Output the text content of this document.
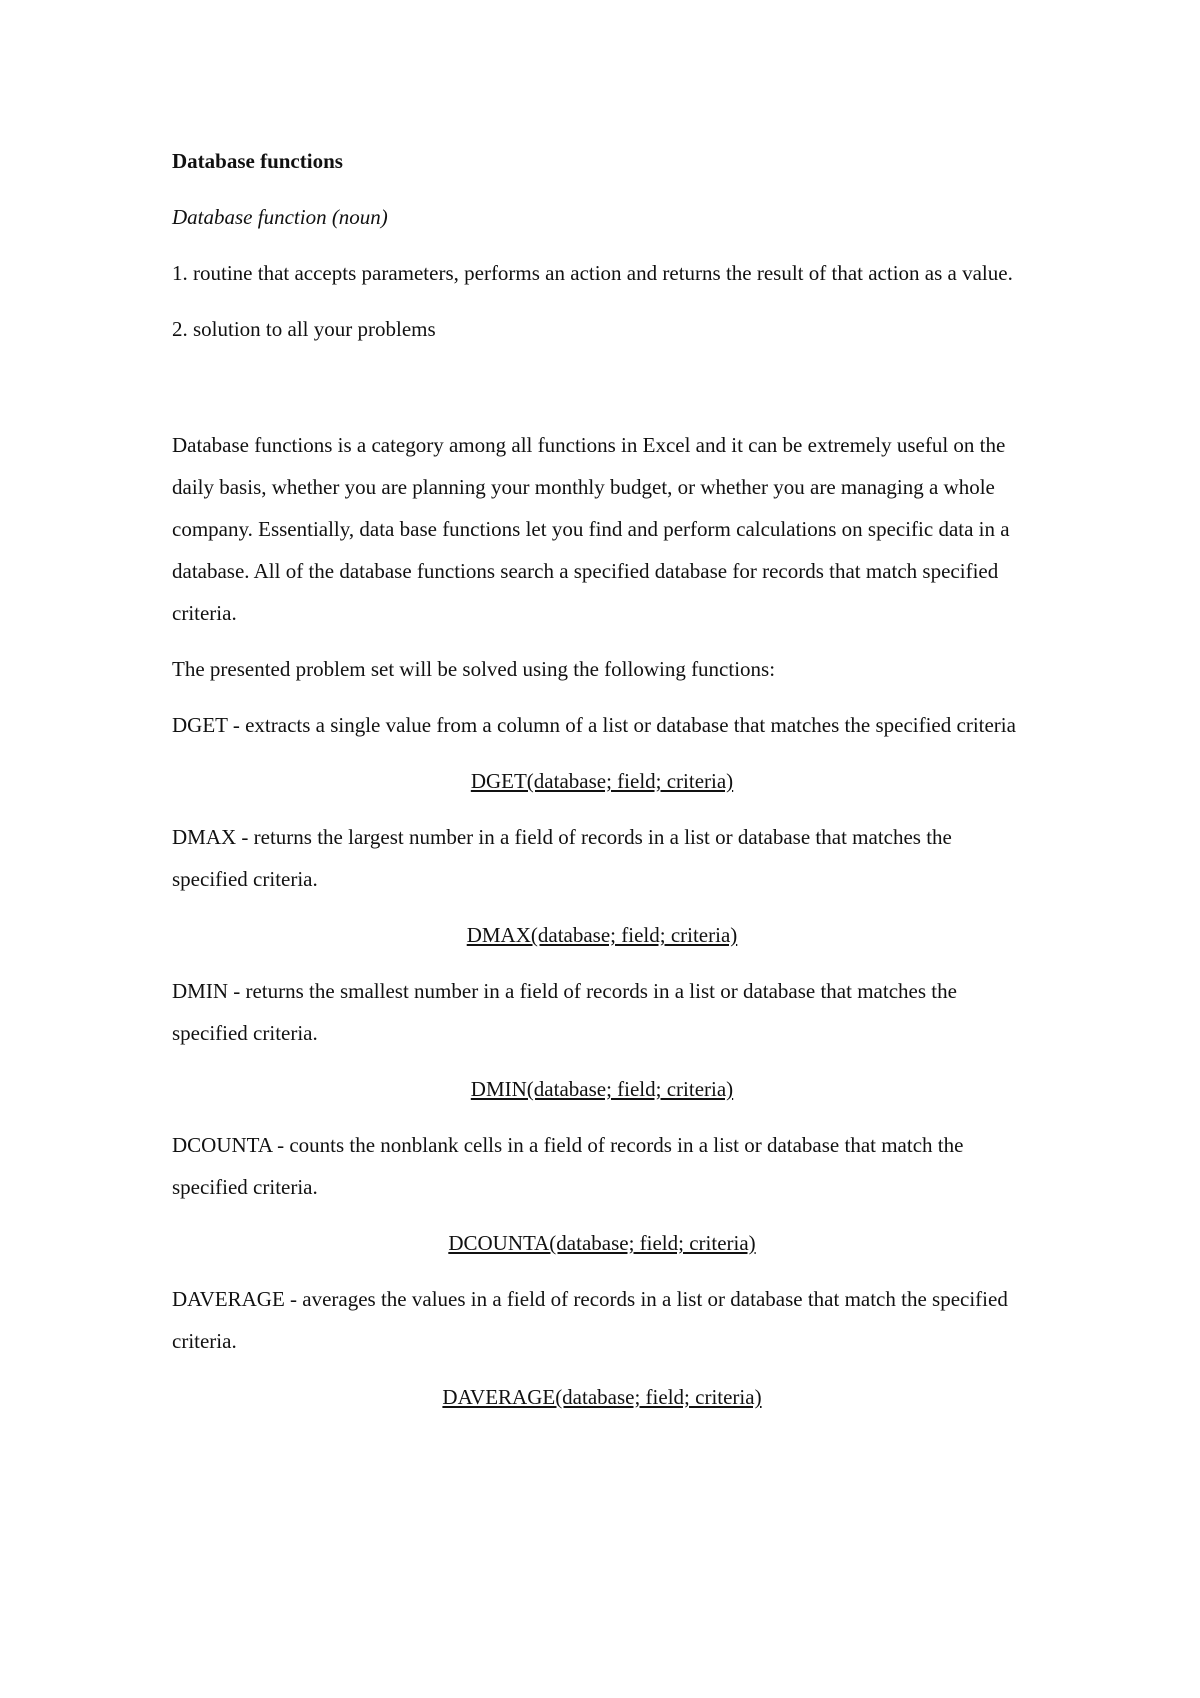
Database functions
Database function (noun)

1. routine that accepts parameters, performs an action and returns the result of that action as a value.

2. solution to all your problems

Database functions is a category among all functions in Excel and it can be extremely useful on the daily basis, whether you are planning your monthly budget, or whether you are managing a whole company. Essentially, data base functions let you find and perform calculations on specific data in a database. All of the database functions search a specified database for records that match specified criteria.

The presented problem set will be solved using the following functions:

DGET - extracts a single value from a column of a list or database that matches the specified criteria

DGET(database; field; criteria)

DMAX - returns the largest number in a field of records in a list or database that matches the specified criteria.

DMAX(database; field; criteria)

DMIN - returns the smallest number in a field of records in a list or database that matches the specified criteria.

DMIN(database; field; criteria)

DCOUNTA - counts the nonblank cells in a field of records in a list or database that match the specified criteria.

DCOUNTA(database; field; criteria)

DAVERAGE - averages the values in a field of records in a list or database that match the specified criteria.

DAVERAGE(database; field; criteria)
